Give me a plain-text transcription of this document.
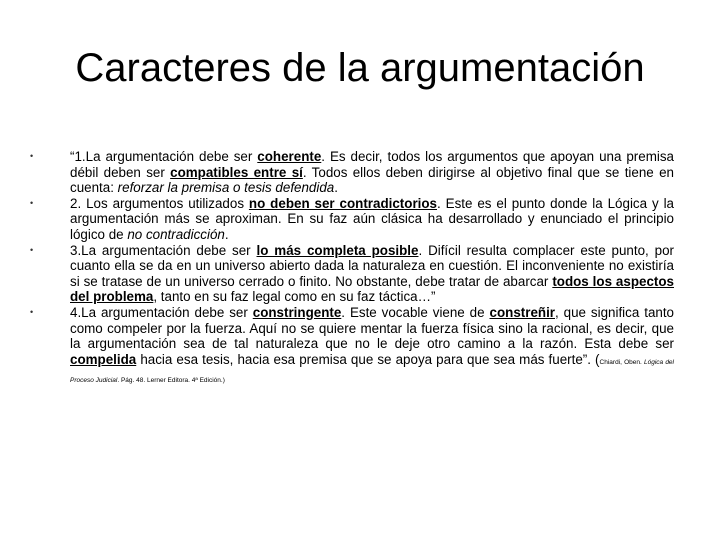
Caracteres de la argumentación
•	“1.La argumentación debe ser coherente. Es decir, todos los argumentos que apoyan una premisa débil deben ser compatibles entre sí. Todos ellos deben dirigirse al objetivo final que se tiene en cuenta: reforzar la premisa o tesis defendida.
•	2. Los argumentos utilizados no deben ser contradictorios. Este es el punto donde la Lógica y la argumentación más se aproximan. En su faz aún clásica ha desarrollado y enunciado el principio lógico de no contradicción.
•	3.La argumentación debe ser lo más completa posible. Difícil resulta complacer este punto, por cuanto ella se da en un universo abierto dada la naturaleza en cuestión. El inconveniente no existiría si se tratase de un universo cerrado o finito. No obstante, debe tratar de abarcar todos los aspectos del problema, tanto en su faz legal como en su faz táctica…”
•	4.La argumentación debe ser constringente. Este vocable viene de constreñir, que significa tanto como compeler por la fuerza. Aquí no se quiere mentar la fuerza física sino la racional, es decir, que la argumentación sea de tal naturaleza que no le deje otro camino a la razón. Esta debe ser compelida hacia esa tesis, hacia esa premisa que se apoya para que sea más fuerte”. (Chiardi, Oben. Lógica del Proceso Judicial. Pág. 48. Lerner Editora. 4ª Edición.)
